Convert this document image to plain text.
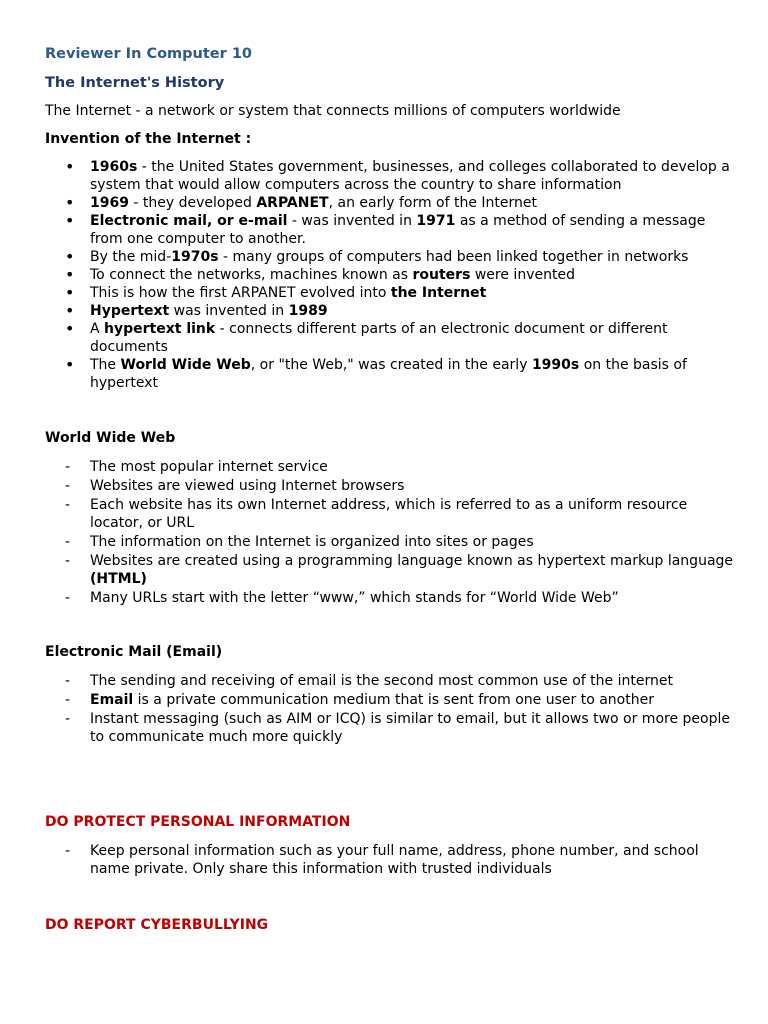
Reviewer In Computer 10

The Internet's History

The Internet - a network or system that connects millions of computers worldwide

Invention of the Internet :

• 1960s - the United States government, businesses, and colleges collaborated to develop a system that would allow computers across the country to share information
• 1969 - they developed ARPANET, an early form of the Internet
• Electronic mail, or e-mail - was invented in 1971 as a method of sending a message from one computer to another.
• By the mid-1970s - many groups of computers had been linked together in networks
• To connect the networks, machines known as routers were invented
• This is how the first ARPANET evolved into the Internet
• Hypertext was invented in 1989
• A hypertext link - connects different parts of an electronic document or different documents
• The World Wide Web, or "the Web," was created in the early 1990s on the basis of hypertext

World Wide Web

- The most popular internet service
- Websites are viewed using Internet browsers
- Each website has its own Internet address, which is referred to as a uniform resource locator, or URL
- The information on the Internet is organized into sites or pages
- Websites are created using a programming language known as hypertext markup language (HTML)
- Many URLs start with the letter “www,” which stands for “World Wide Web”

Electronic Mail (Email)

- The sending and receiving of email is the second most common use of the internet
- Email is a private communication medium that is sent from one user to another
- Instant messaging (such as AIM or ICQ) is similar to email, but it allows two or more people to communicate much more quickly

DO PROTECT PERSONAL INFORMATION

- Keep personal information such as your full name, address, phone number, and school name private. Only share this information with trusted individuals

DO REPORT CYBERBULLYING
